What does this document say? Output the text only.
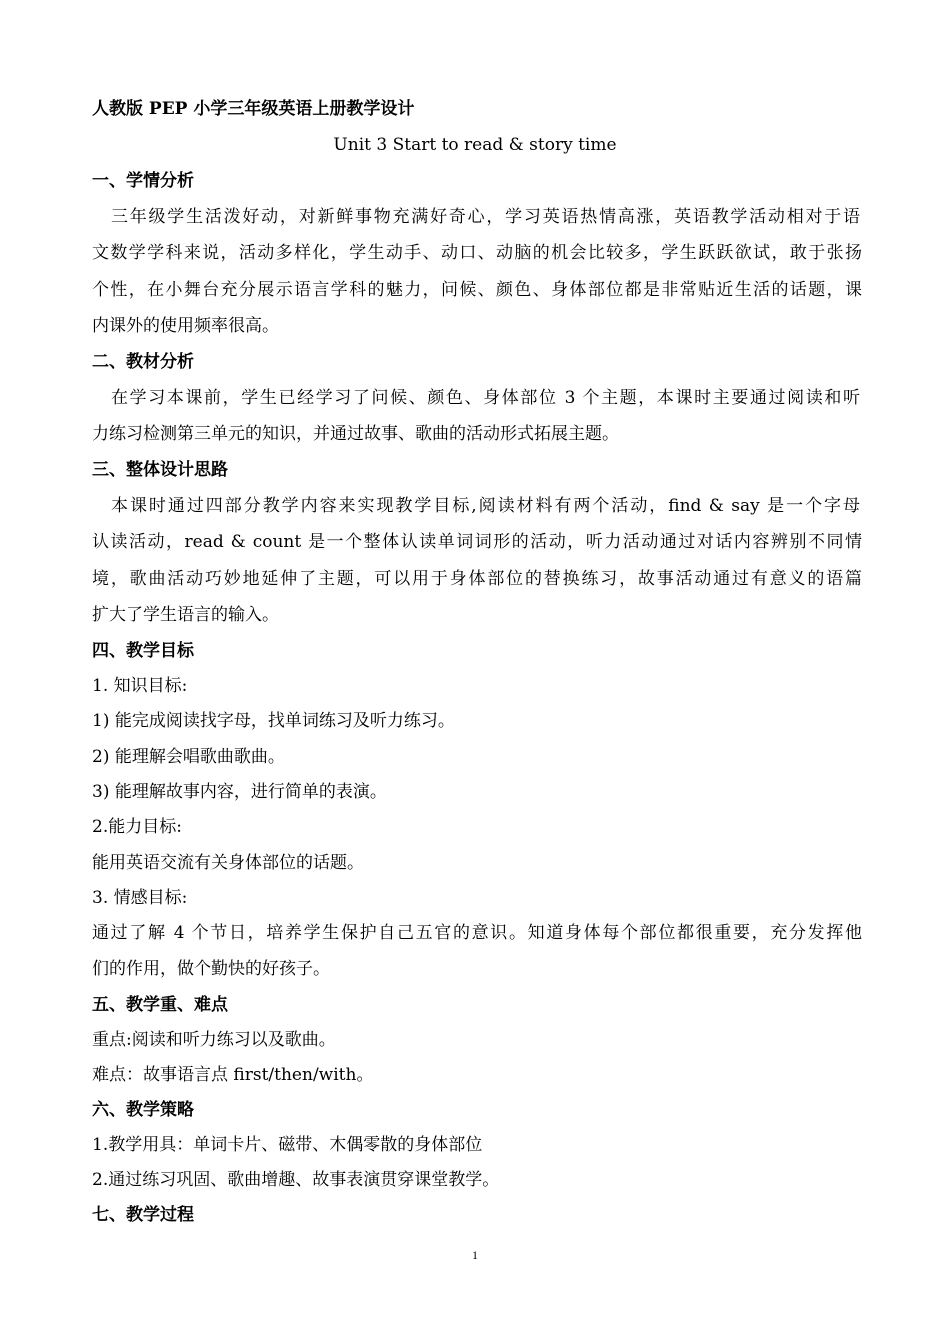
人教版 PEP 小学三年级英语上册教学设计
Unit 3 Start to read & story time
一、学情分析
三年级学生活泼好动，对新鲜事物充满好奇心，学习英语热情高涨，英语教学活动相对于语
文数学学科来说，活动多样化，学生动手、动口、动脑的机会比较多，学生跃跃欲试，敢于张扬
个性，在小舞台充分展示语言学科的魅力，问候、颜色、身体部位都是非常贴近生活的话题，课
内课外的使用频率很高。
二、教材分析
在学习本课前，学生已经学习了问候、颜色、身体部位 3 个主题，本课时主要通过阅读和听
力练习检测第三单元的知识，并通过故事、歌曲的活动形式拓展主题。
三、整体设计思路
本课时通过四部分教学内容来实现教学目标,阅读材料有两个活动，find & say 是一个字母
认读活动，read & count 是一个整体认读单词词形的活动，听力活动通过对话内容辨别不同情
境，歌曲活动巧妙地延伸了主题，可以用于身体部位的替换练习，故事活动通过有意义的语篇
扩大了学生语言的输入。
四、教学目标
1. 知识目标:
1) 能完成阅读找字母，找单词练习及听力练习。
2) 能理解会唱歌曲歌曲。
3) 能理解故事内容，进行简单的表演。
2.能力目标:
能用英语交流有关身体部位的话题。
3. 情感目标:
通过了解 4 个节日，培养学生保护自己五官的意识。知道身体每个部位都很重要，充分发挥他
们的作用，做个勤快的好孩子。
五、教学重、难点
重点:阅读和听力练习以及歌曲。
难点：故事语言点 first/then/with。
六、教学策略
1.教学用具：单词卡片、磁带、木偶零散的身体部位
2.通过练习巩固、歌曲增趣、故事表演贯穿课堂教学。
七、教学过程
1
